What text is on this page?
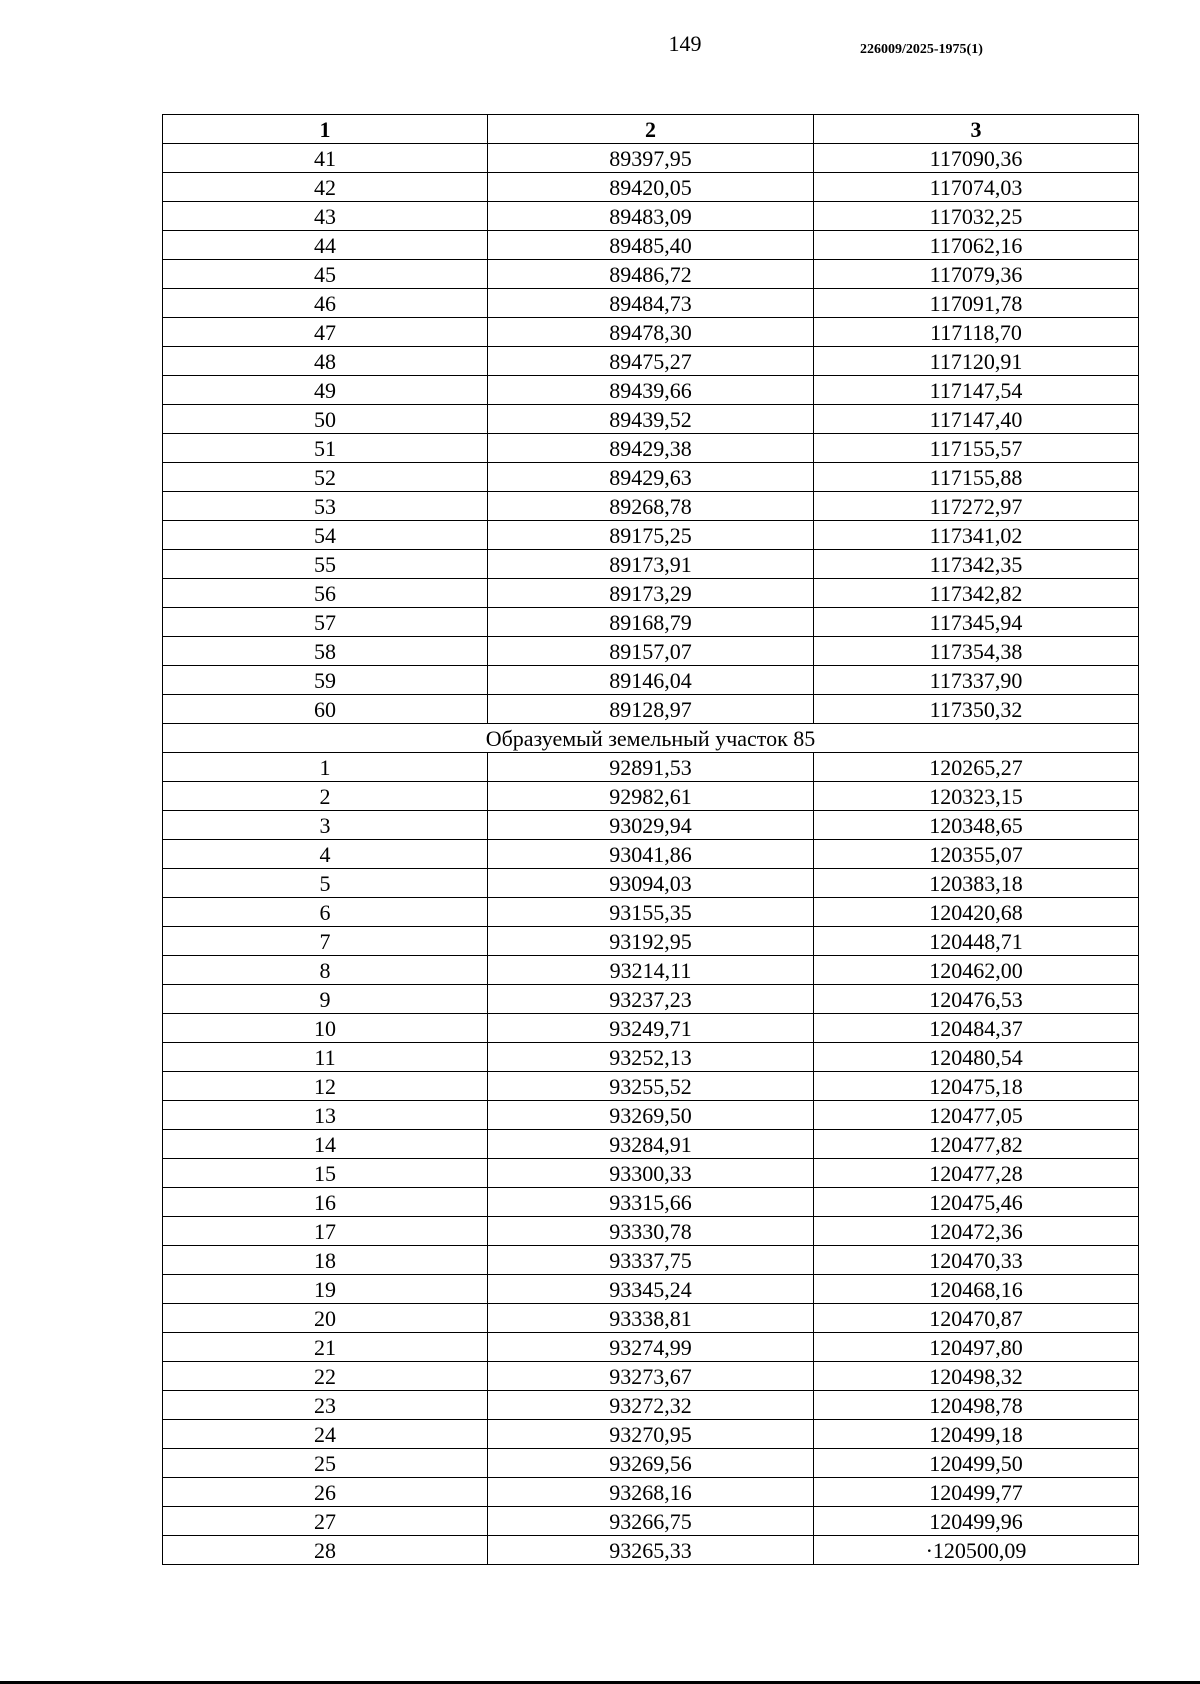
149	226009/2025-1975(1)
1	2	3
41	89397,95	117090,36
42	89420,05	117074,03
43	89483,09	117032,25
44	89485,40	117062,16
45	89486,72	117079,36
46	89484,73	117091,78
47	89478,30	117118,70
48	89475,27	117120,91
49	89439,66	117147,54
50	89439,52	117147,40
51	89429,38	117155,57
52	89429,63	117155,88
53	89268,78	117272,97
54	89175,25	117341,02
55	89173,91	117342,35
56	89173,29	117342,82
57	89168,79	117345,94
58	89157,07	117354,38
59	89146,04	117337,90
60	89128,97	117350,32
Образуемый земельный участок 85		
1	92891,53	120265,27
2	92982,61	120323,15
3	93029,94	120348,65
4	93041,86	120355,07
5	93094,03	120383,18
6	93155,35	120420,68
7	93192,95	120448,71
8	93214,11	120462,00
9	93237,23	120476,53
10	93249,71	120484,37
11	93252,13	120480,54
12	93255,52	120475,18
13	93269,50	120477,05
14	93284,91	120477,82
15	93300,33	120477,28
16	93315,66	120475,46
17	93330,78	120472,36
18	93337,75	120470,33
19	93345,24	120468,16
20	93338,81	120470,87
21	93274,99	120497,80
22	93273,67	120498,32
23	93272,32	120498,78
24	93270,95	120499,18
25	93269,56	120499,50
26	93268,16	120499,77
27	93266,75	120499,96
28	93265,33	·120500,09
